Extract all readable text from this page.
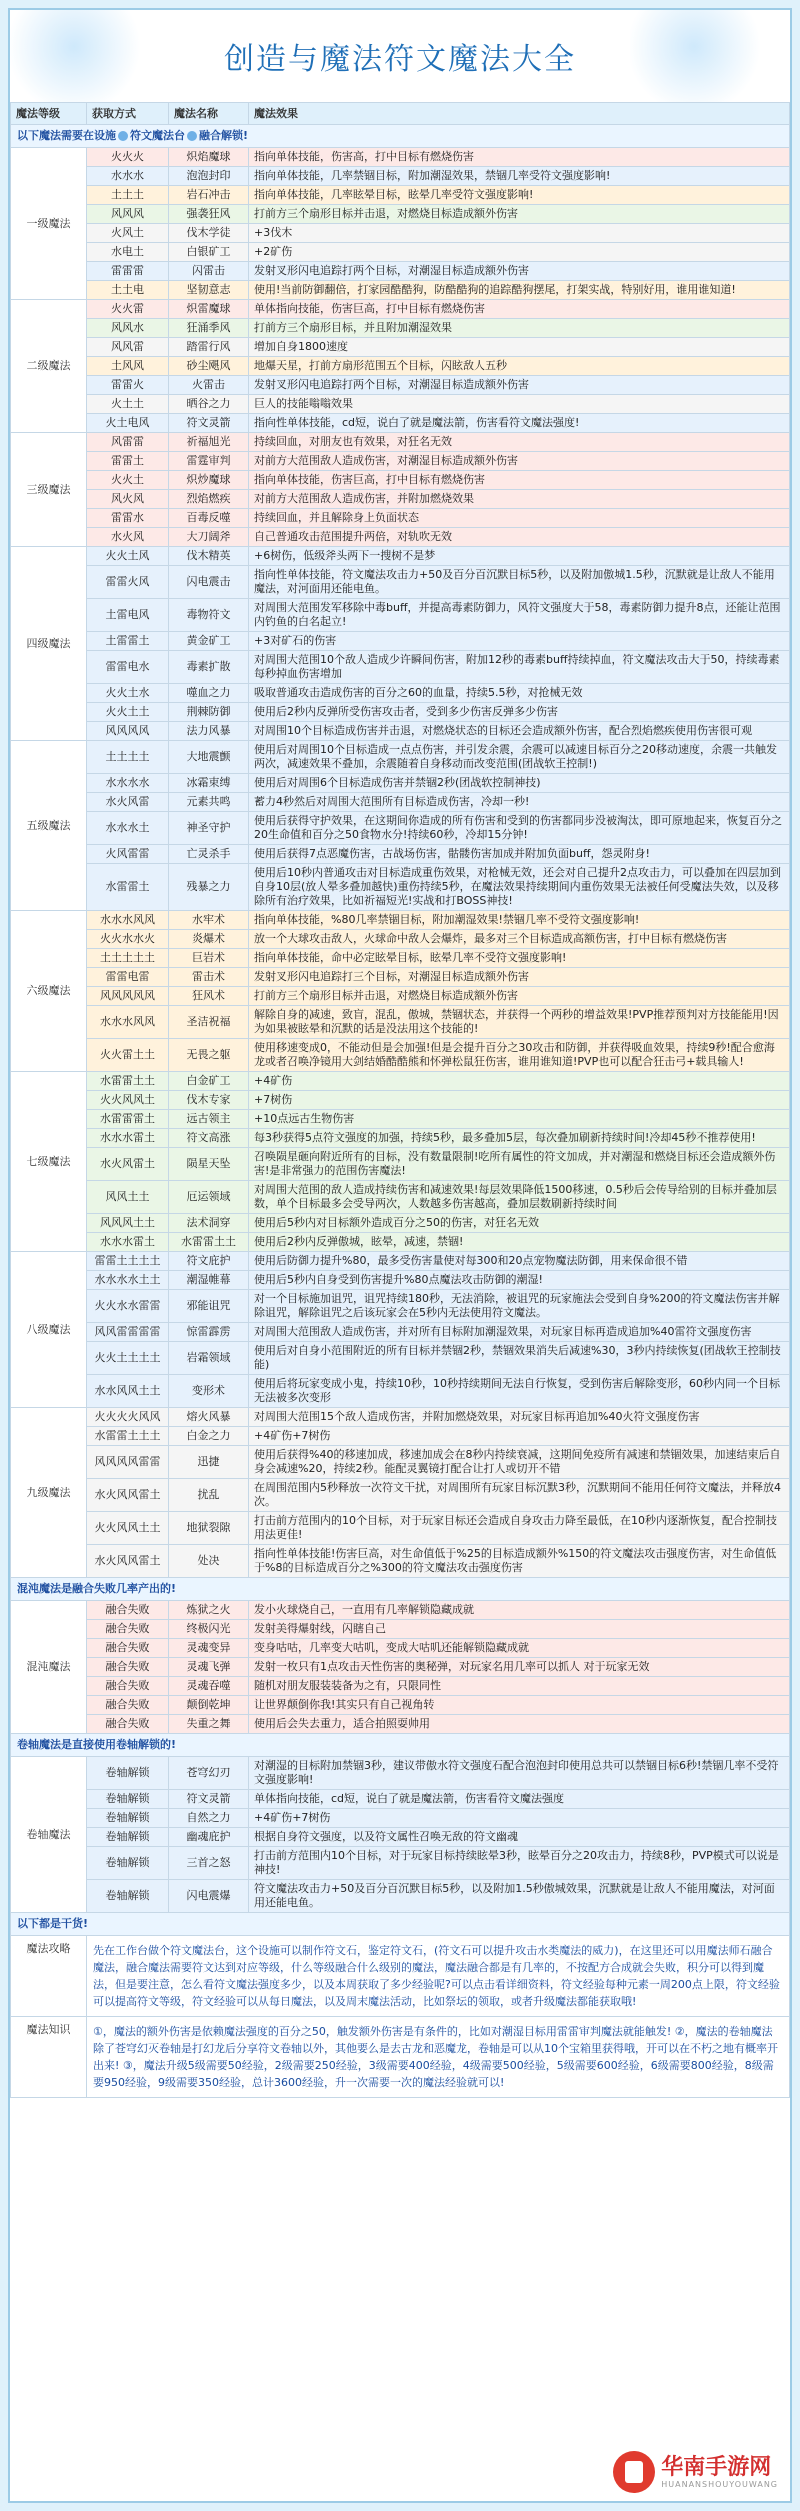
创造与魔法符文魔法大全
魔法等级	获取方式	魔法名称	魔法效果
以下魔法需要在设施 符文魔法台 融合解锁!			
一级魔法	火火火	炽焰魔球	指向单体技能，伤害高，打中目标有燃烧伤害
	水水水	泡泡封印	指向单体技能，几率禁锢目标，附加潮湿效果，禁锢几率受符文强度影响!
	土土土	岩石冲击	指向单体技能，几率眩晕目标，眩晕几率受符文强度影响!
	风风风	强袭狂风	打前方三个扇形目标并击退，对燃烧目标造成额外伤害
	火风土	伐木学徒	+3伐木
	水电土	白银矿工	+2矿伤
	雷雷雷	闪雷击	发射叉形闪电追踪打两个目标，对潮湿目标造成额外伤害
	土土电	坚韧意志	使用!当前防御翻倍，打家园酷酷狗，防酷酷狗的追踪酷狗摆尾，打架实战，特别好用，谁用谁知道!
二级魔法	火火雷	炽雷魔球	单体指向技能，伤害巨高，打中目标有燃烧伤害
	风风水	狂涌季风	打前方三个扇形目标，并且附加潮湿效果
	风风雷	踏雷行风	增加自身1800速度
	土风风	砂尘飓风	地爆天星，打前方扇形范围五个目标，闪眩敌人五秒
	雷雷火	火雷击	发射叉形闪电追踪打两个目标，对潮湿目标造成额外伤害
	火土土	晒谷之力	巨人的技能嗡嗡效果
	火土电风	符文灵箭	指向性单体技能，cd短，说白了就是魔法箭，伤害看符文魔法强度!
三级魔法	风雷雷	祈福旭光	持续回血，对朋友也有效果，对狂名无效
	雷雷土	雷霆审判	对前方大范围敌人造成伤害，对潮湿目标造成额外伤害
	火火土	炽炒魔球	指向单体技能，伤害巨高，打中目标有燃烧伤害
	风火风	烈焰燃疾	对前方大范围敌人造成伤害，并附加燃烧效果
	雷雷水	百毒反噬	持续回血，并且解除身上负面状态
	水火风	大刀阔斧	自己普通攻击范围提升两倍，对轨吹无效
四级魔法	火火土风	伐木精英	+6树伤，低级斧头两下一搜树不是梦
	雷雷火风	闪电震击	指向性单体技能，符文魔法攻击力+50及百分百沉默目标5秒，以及附加傲城1.5秒，沉默就是让敌人不能用魔法，对河面用还能电鱼。
	土雷电风	毒物符文	对周围大范围发军移除中毒buff，并提高毒素防御力，风符文强度大于58，毒素防御力提升8点，还能让范围内钓鱼的白名起立!
	土雷雷土	黄金矿工	+3对矿石的伤害
	雷雷电水	毒素扩散	对周围大范围10个敌人造成少许瞬间伤害，附加12秒的毒素buff持续掉血，符文魔法攻击大于50，持续毒素每秒掉血伤害增加
	火火土水	噬血之力	吸取普通攻击造成伤害的百分之60的血量，持续5.5秒，对抢械无效
	火火土土	荆棘防御	使用后2秒内反弹所受伤害攻击者，受到多少伤害反弹多少伤害
	风风风风	法力风暴	对周围10个目标造成伤害并击退，对燃烧状态的目标还会造成额外伤害，配合烈焰燃疾使用伤害很可观
五级魔法	土土土土	大地震颤	使用后对周围10个目标造成一点点伤害，并引发余震，余震可以减速目标百分之20移动速度，余震一共触发两次，减速效果不叠加，余震随着自身移动而改变范围(团战软王控制!)
	水水水水	冰霜束缚	使用后对周围6个目标造成伤害并禁锢2秒(团战软控制神技)
	水火风雷	元素共鸣	蓄力4秒然后对周围大范围所有目标造成伤害，冷却一秒!
	水水水土	神圣守护	使用后获得守护效果，在这期间你造成的所有伤害和受到的伤害都同步没被淘汰，即可原地起来，恢复百分之20生命值和百分之50食物水分!持续60秒，冷却15分钟!
	火风雷雷	亡灵杀手	使用后获得7点恶魔伤害，古战场伤害，骷髅伤害加成并附加负面buff，怨灵附身!
	水雷雷土	残暴之力	使用后10秒内普通攻击对目标造成重伤效果，对枪械无效，还会对自己提升2点攻击力，可以叠加在四层加到自身10层(放人晕多叠加越快)重伤持续5秒，在魔法效果持续期间内重伤效果无法被任何受魔法失效，以及移除所有治疗效果，比如祈福短光!实战和打BOSS神技!
六级魔法	水水水风风	水牢术	指向单体技能，%80几率禁锢目标，附加潮湿效果!禁锢几率不受符文强度影响!
	火火水水火	炎爆术	放一个大球攻击敌人，火球命中敌人会爆炸，最多对三个目标造成高额伤害，打中目标有燃烧伤害
	土土土土土	巨岩术	指向单体技能，命中必定眩晕目标，眩晕几率不受符文强度影响!
	雷雷电雷	雷击术	发射叉形闪电追踪打三个目标，对潮湿目标造成额外伤害
	风风风风风	狂风术	打前方三个扇形目标并击退，对燃烧目标造成额外伤害
	水水水风风	圣洁祝福	解除自身的减速，致盲，混乱，傲城，禁锢状态，并获得一个两秒的增益效果!PVP推荐预判对方技能能用!因为如果被眩晕和沉默的话是没法用这个技能的!
	火火雷土土	无畏之躯	使用移速变成0，不能动但是会加强!但是会提升百分之30攻击和防御，并获得吸血效果，持续9秒!配合愈海龙或者召唤净镜用大剑结婚酷酷熊和怀弹松鼠狂伤害，谁用谁知道!PVP也可以配合狂击弓+载具输人!
七级魔法	水雷雷土土	白金矿工	+4矿伤
	火火风风土	伐木专家	+7树伤
	水雷雷雷土	远古领主	+10点远古生物伤害
	水水水雷土	符文高涨	每3秒获得5点符文强度的加强，持续5秒，最多叠加5层，每次叠加刷新持续时间!冷却45秒不推荐使用!
	水火风雷土	陨星天坠	召唤陨星砸向附近所有的目标，没有数量限制!吃所有属性的符文加成，并对潮湿和燃烧目标还会造成额外伤害!是非常强力的范围伤害魔法!
	风风土土	厄运领域	对周围大范围的敌人造成持续伤害和减速效果!每层效果降低1500移速，0.5秒后会传导给别的目标并叠加层数，单个目标最多会受导两次，人数越多伤害越高，叠加层数刷新持续时间
	风风风土土	法术洞穿	使用后5秒内对目标额外造成百分之50的伤害，对狂名无效
	水水水雷土	水雷雷土土	使用后2秒内反弹傲城，眩晕，减速，禁锢!
八级魔法	雷雷土土土土	符文庇护	使用后防御力提升%80，最多受伤害量使对每300和20点宠物魔法防御，用来保命很不错
	水水水水土土	潮湿帷幕	使用后5秒内自身受到伤害提升%80点魔法攻击防御的潮湿!
	火火水水雷雷	邪能诅咒	对一个目标施加诅咒，诅咒持续180秒，无法消除，被诅咒的玩家施法会受到自身%200的符文魔法伤害并解除诅咒，解除诅咒之后该玩家会在5秒内无法使用符文魔法。
	风风雷雷雷雷	惊雷霹雳	对周围大范围敌人造成伤害，并对所有目标附加潮湿效果，对玩家目标再造成追加%40雷符文强度伤害
	火火土土土土	岩霜领域	使用后对自身小范围附近的所有目标并禁锢2秒，禁锢效果消失后减速%30，3秒内持续恢复(团战软王控制技能)
	水水风风土土	变形术	使用后将玩家变成小鬼，持续10秒，10秒持续期间无法自行恢复，受到伤害后解除变形，60秒内同一个目标无法被多次变形
九级魔法	火火火火风风	熔火风暴	对周围大范围15个敌人造成伤害，并附加燃烧效果，对玩家目标再追加%40火符文强度伤害
	水雷雷土土土	白金之力	+4矿伤+7树伤
	风风风风雷雷	迅捷	使用后获得%40的移速加成，移速加成会在8秒内持续衰减，这期间免疫所有减速和禁锢效果，加速结束后自身会减速%20，持续2秒。能配灵翼镜打配合让打人或切开不错
	水火风风雷土	扰乱	在周围范围内5秒释放一次符文干扰，对周围所有玩家目标沉默3秒，沉默期间不能用任何符文魔法，并释放4次。
	火火风风土土	地狱裂隙	打击前方范围内的10个目标，对于玩家目标还会造成自身攻击力降至最低，在10秒内逐渐恢复，配合控制技用法更佳!
	水火风风雷土	处决	指向性单体技能!伤害巨高，对生命值低于%25的目标造成额外%150的符文魔法攻击强度伤害，对生命值低于%8的目标造成百分之%300的符文魔法攻击强度伤害
混沌魔法是融合失败几率产出的!			
混沌魔法	融合失败	炼狱之火	发小火球烧自己，一直用有几率解锁隐藏成就
	融合失败	终极闪光	发射美得爆射线，闪瞎自己
	融合失败	灵魂变异	变身咕咕，几率变大咕叽，变成大咕叽还能解锁隐藏成就
	融合失败	灵魂飞弹	发射一枚只有1点攻击天性伤害的奥秘弹，对玩家名用几率可以抓人 对于玩家无效
	融合失败	灵魂吞噬	随机对朋友服装装备为之有，只限同性
	融合失败	颠倒乾坤	让世界颠倒你我!其实只有自己视角转
	融合失败	失重之舞	使用后会失去重力，适合拍照耍帅用
卷轴魔法是直接使用卷轴解锁的!			
卷轴魔法	卷轴解锁	苍穹幻刃	对潮湿的目标附加禁锢3秒，建议带傲水符文强度石配合泡泡封印使用总共可以禁锢目标6秒!禁锢几率不受符文强度影响!
	卷轴解锁	符文灵箭	单体指向技能，cd短，说白了就是魔法箭，伤害看符文魔法强度
	卷轴解锁	自然之力	+4矿伤+7树伤
	卷轴解锁	幽魂庇护	根据自身符文强度，以及符文属性召唤无敌的符文幽魂
	卷轴解锁	三首之怒	打击前方范围内10个目标，对于玩家目标持续眩晕3秒，眩晕百分之20攻击力，持续8秒，PVP模式可以说是神技!
	卷轴解锁	闪电震爆	符文魔法攻击力+50及百分百沉默目标5秒，以及附加1.5秒傲城效果，沉默就是让敌人不能用魔法，对河面用还能电鱼。
以下都是干货!			
魔法攻略	先在工作台做个符文魔法台，这个设施可以制作符文石，鉴定符文石，(符文石可以提升攻击水类魔法的威力)，在这里还可以用魔法师石融合魔法，融合魔法需要符文达到对应等级，什么等级融合什么级别的魔法，魔法融合都是有几率的，不按配方合成就会失败，积分可以得到魔法，但是要注意，怎么看符文魔法强度多少，以及本周获取了多少经验呢?可以点击看详细资料，符文经验每种元素一周200点上限，符文经验可以提高符文等级，符文经验可以从每日魔法，以及周末魔法活动，比如祭坛的领取，或者升级魔法都能获取哦!		
魔法知识	①，魔法的额外伤害是依赖魔法强度的百分之50，触发额外伤害是有条件的，比如对潮湿目标用雷雷审判魔法就能触发! ②，魔法的卷轴魔法除了苍穹幻灭卷轴是打幻龙后分享符文卷轴以外，其他要么是去古龙和恶魔龙，卷轴是可以从10个宝箱里获得哦，开可以在不朽之地有概率开出来! ③，魔法升级5级需要50经验，2级需要250经验，3级需要400经验，4级需要500经验，5级需要600经验，6级需要800经验，8级需要950经验，9级需要350经验，总计3600经验，升一次需要一次的魔法经验就可以!		
华南手游网
HUANANSHOUYOUWANG
